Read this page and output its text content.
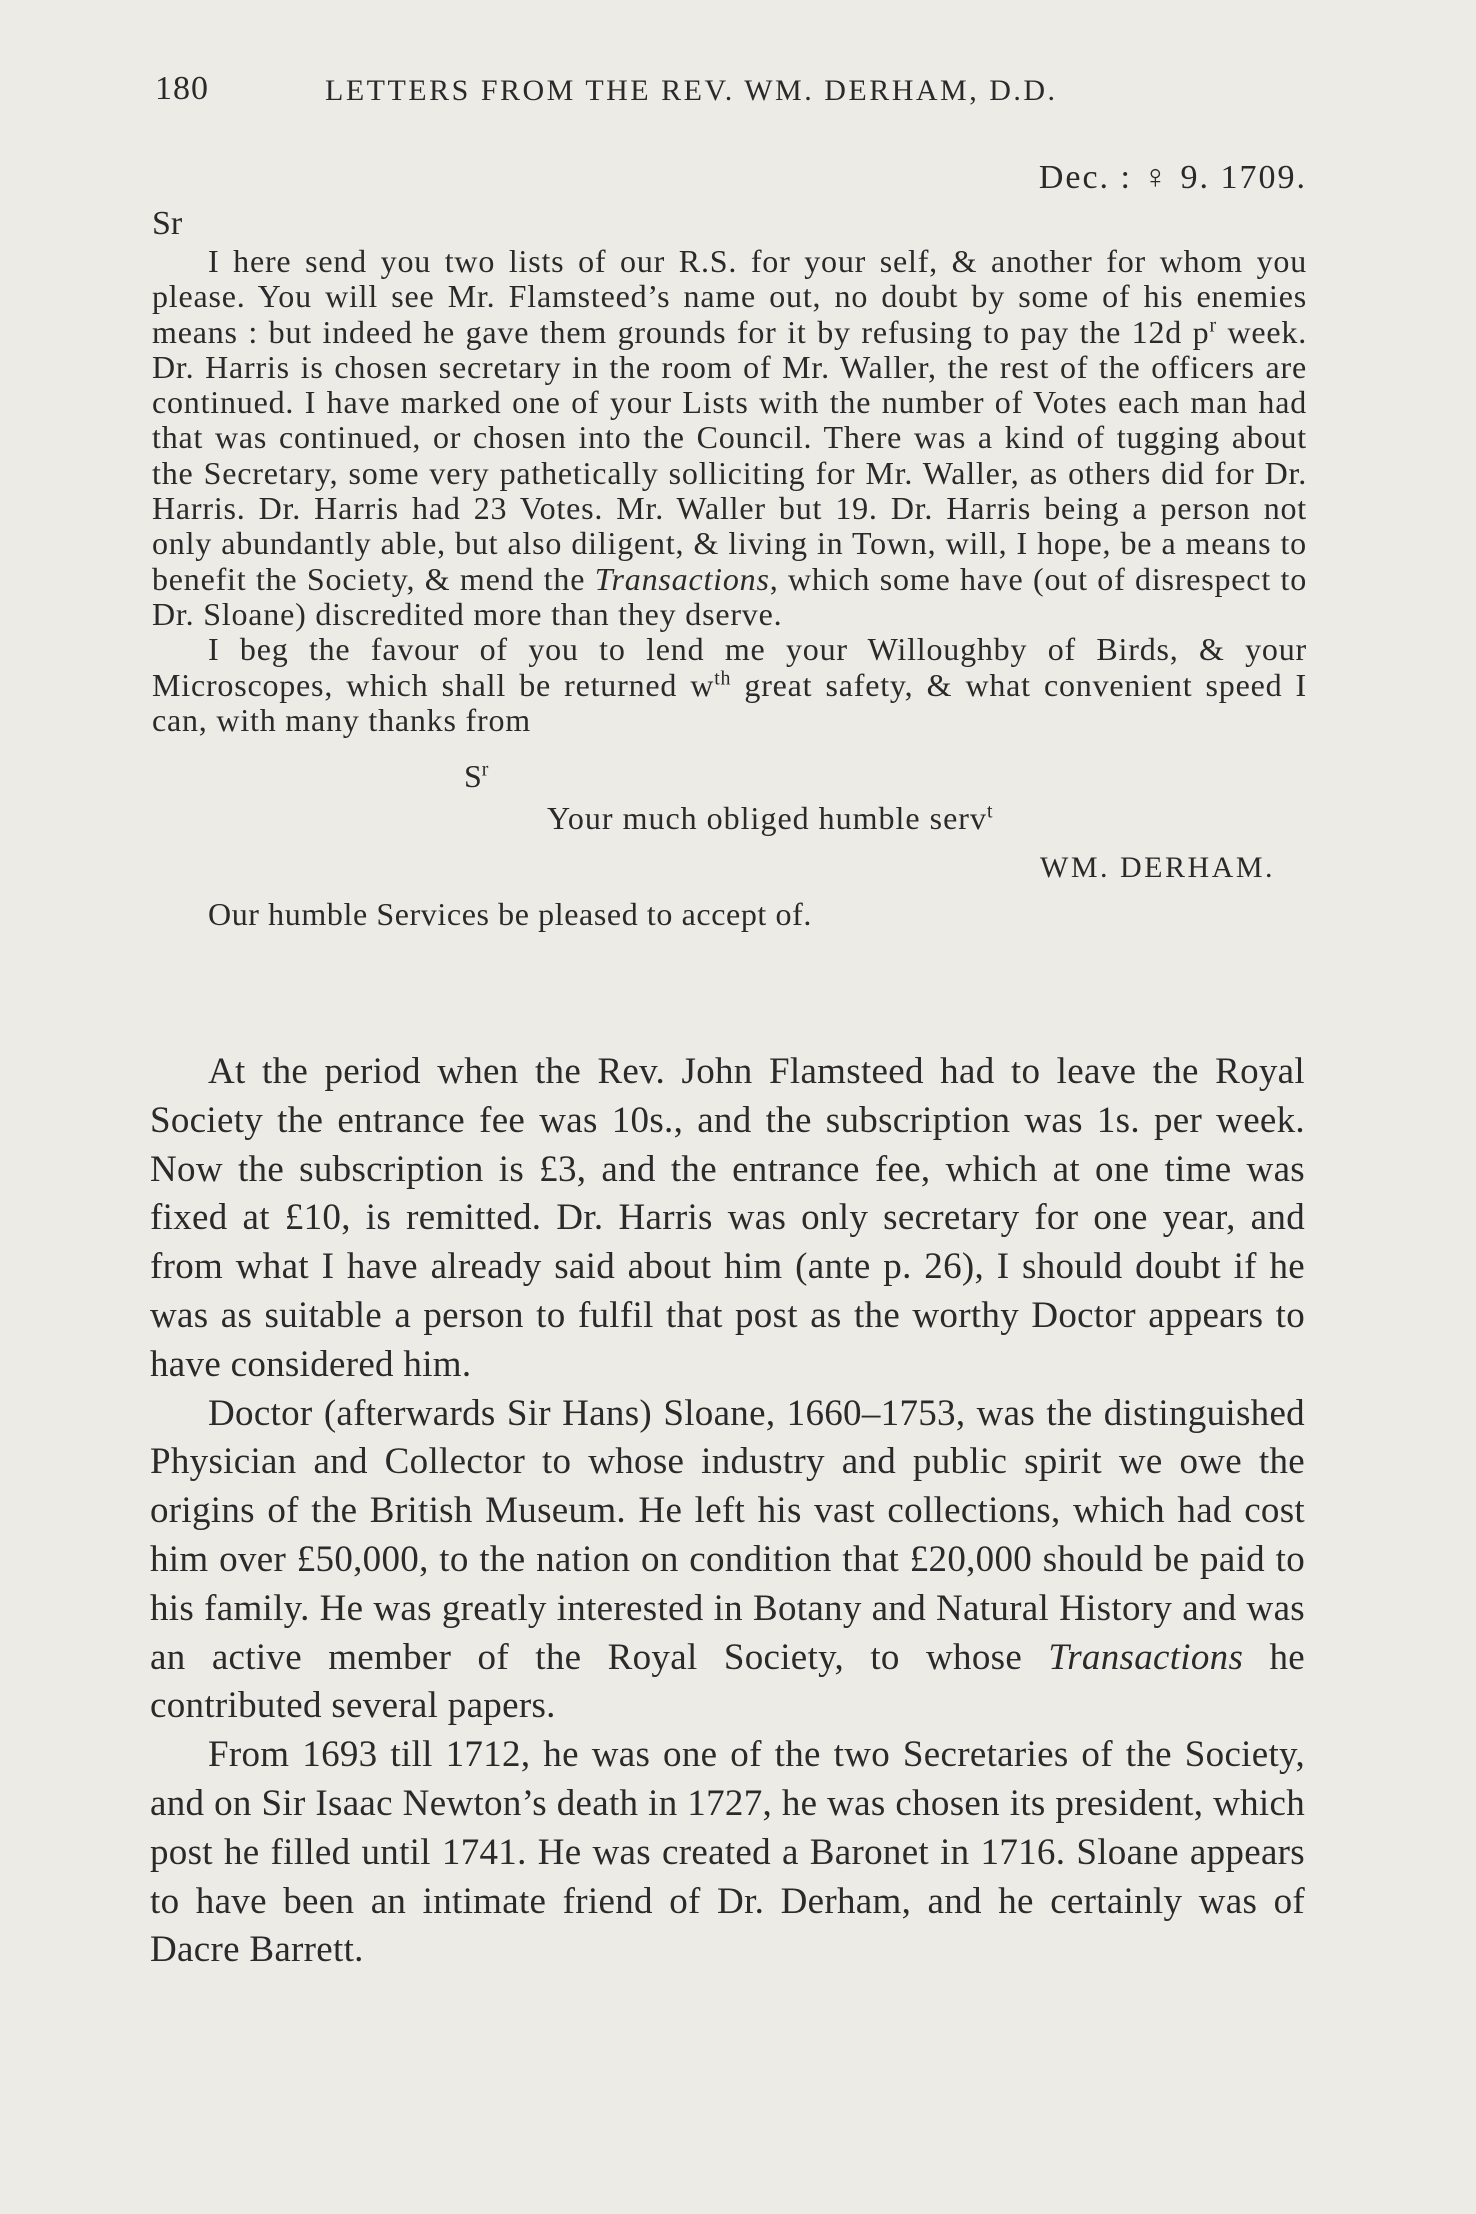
180	LETTERS FROM THE REV. WM. DERHAM, D.D.
Dec. : ♀ 9. 1709.
Sr

I here send you two lists of our R.S. for your self, & another for whom you please. You will see Mr. Flamsteed’s name out, no doubt by some of his enemies means : but indeed he gave them grounds for it by refusing to pay the 12d $p^r$ week. Dr. Harris is chosen secretary in the room of Mr. Waller, the rest of the officers are continued. I have marked one of your Lists with the number of Votes each man had that was continued, or chosen into the Council. There was a kind of tugging about the Secretary, some very pathetically solliciting for Mr. Waller, as others did for Dr. Harris. Dr. Harris had 23 Votes. Mr. Waller but 19. Dr. Harris being a person not only abundantly able, but also diligent, & living in Town, will, I hope, be a means to benefit the Society, & mend the Transactions, which some have (out of disrespect to Dr. Sloane) discredited more than they dserve.

I beg the favour of you to lend me your Willoughby of Birds, & your Microscopes, which shall be returned $w^{th}$ great safety, & what convenient speed I can, with many thanks from

$S^r$
Your much obliged humble serv$^t$
WM. DERHAM.
Our humble Services be pleased to accept of.

At the period when the Rev. John Flamsteed had to leave the Royal Society the entrance fee was 10s., and the subscription was 1s. per week. Now the subscription is £3, and the entrance fee, which at one time was fixed at £10, is remitted. Dr. Harris was only secretary for one year, and from what I have already said about him (ante p. 26), I should doubt if he was as suitable a person to fulfil that post as the worthy Doctor appears to have considered him.

Doctor (afterwards Sir Hans) Sloane, 1660–1753, was the distinguished Physician and Collector to whose industry and public spirit we owe the origins of the British Museum. He left his vast collections, which had cost him over £50,000, to the nation on condition that £20,000 should be paid to his family. He was greatly interested in Botany and Natural History and was an active member of the Royal Society, to whose Transactions he contributed several papers.

From 1693 till 1712, he was one of the two Secretaries of the Society, and on Sir Isaac Newton’s death in 1727, he was chosen its president, which post he filled until 1741. He was created a Baronet in 1716. Sloane appears to have been an intimate friend of Dr. Derham, and he certainly was of Dacre Barrett.
